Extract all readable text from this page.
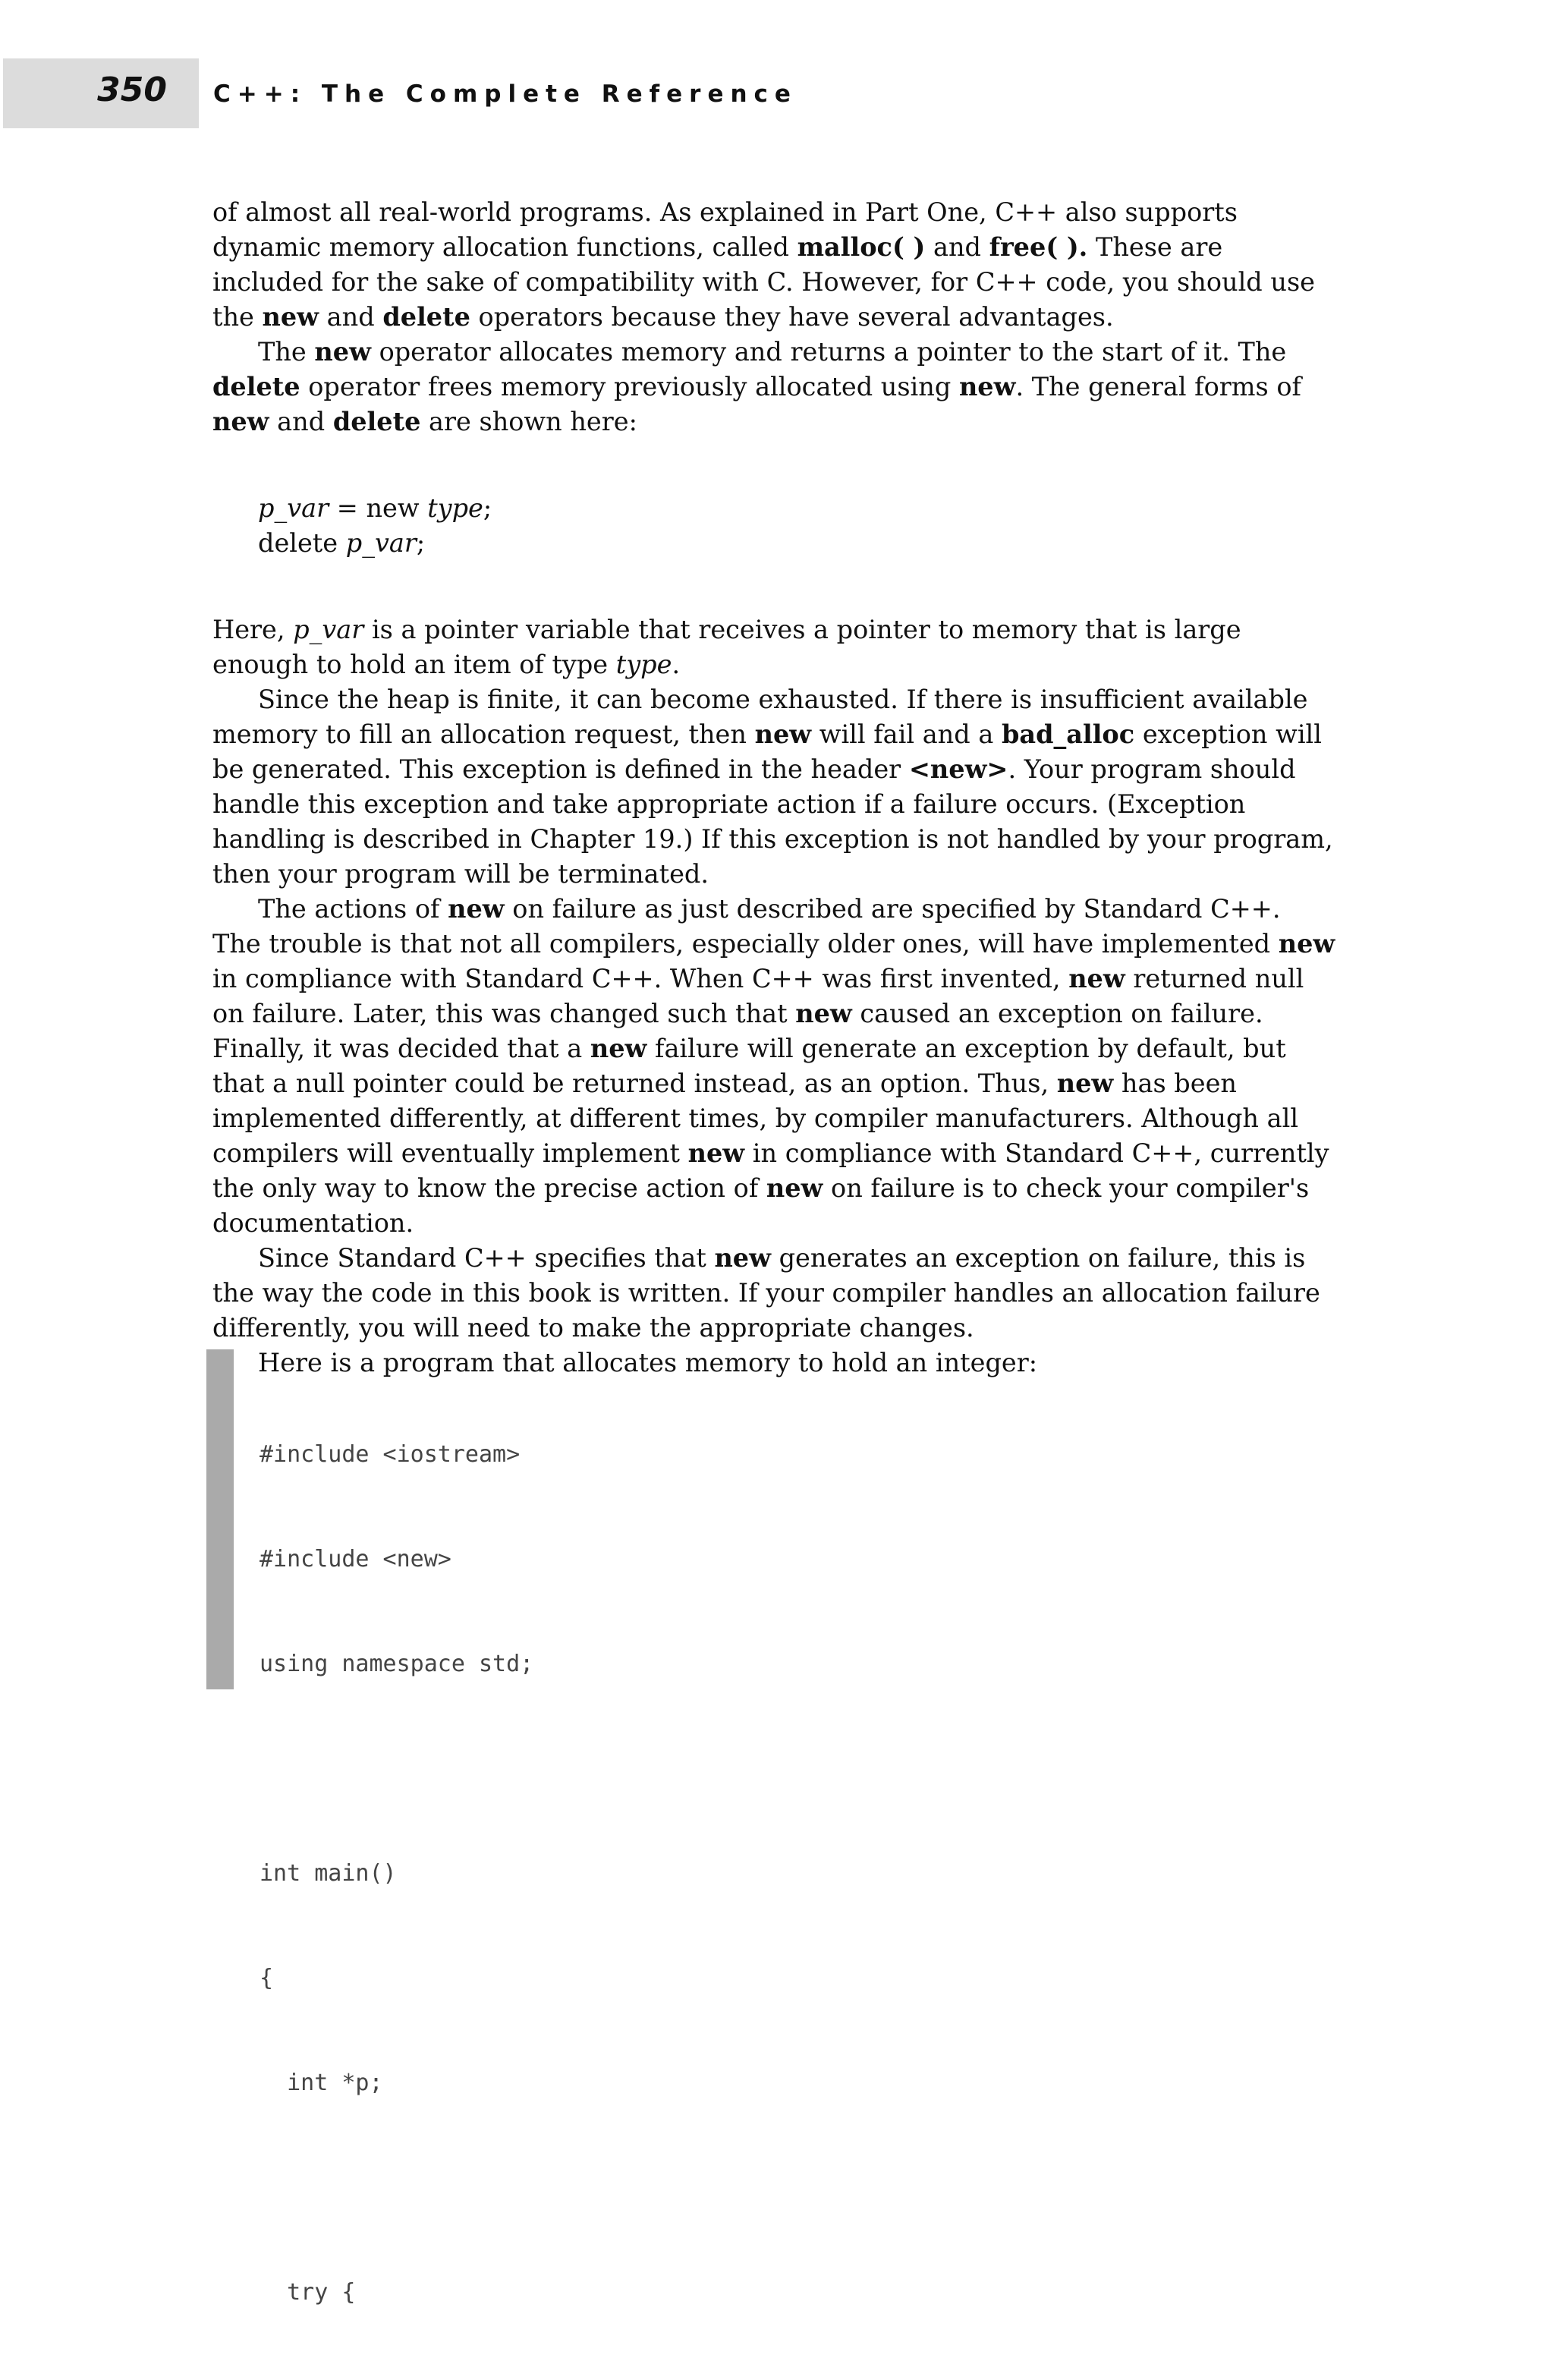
350 C++: The Complete Reference

of almost all real-world programs. As explained in Part One, C++ also supports dynamic memory allocation functions, called malloc( ) and free( ). These are included for the sake of compatibility with C. However, for C++ code, you should use the new and delete operators because they have several advantages.

The new operator allocates memory and returns a pointer to the start of it. The delete operator frees memory previously allocated using new. The general forms of new and delete are shown here:

p_var = new type;
delete p_var;

Here, p_var is a pointer variable that receives a pointer to memory that is large enough to hold an item of type type.

Since the heap is finite, it can become exhausted. If there is insufficient available memory to fill an allocation request, then new will fail and a bad_alloc exception will be generated. This exception is defined in the header <new>. Your program should handle this exception and take appropriate action if a failure occurs. (Exception handling is described in Chapter 19.) If this exception is not handled by your program, then your program will be terminated.

The actions of new on failure as just described are specified by Standard C++. The trouble is that not all compilers, especially older ones, will have implemented new in compliance with Standard C++. When C++ was first invented, new returned null on failure. Later, this was changed such that new caused an exception on failure. Finally, it was decided that a new failure will generate an exception by default, but that a null pointer could be returned instead, as an option. Thus, new has been implemented differently, at different times, by compiler manufacturers. Although all compilers will eventually implement new in compliance with Standard C++, currently the only way to know the precise action of new on failure is to check your compiler's documentation.

Since Standard C++ specifies that new generates an exception on failure, this is the way the code in this book is written. If your compiler handles an allocation failure differently, you will need to make the appropriate changes.

Here is a program that allocates memory to hold an integer:

#include <iostream>

#include <new>

using namespace std;

int main()

{

int *p;

try {
